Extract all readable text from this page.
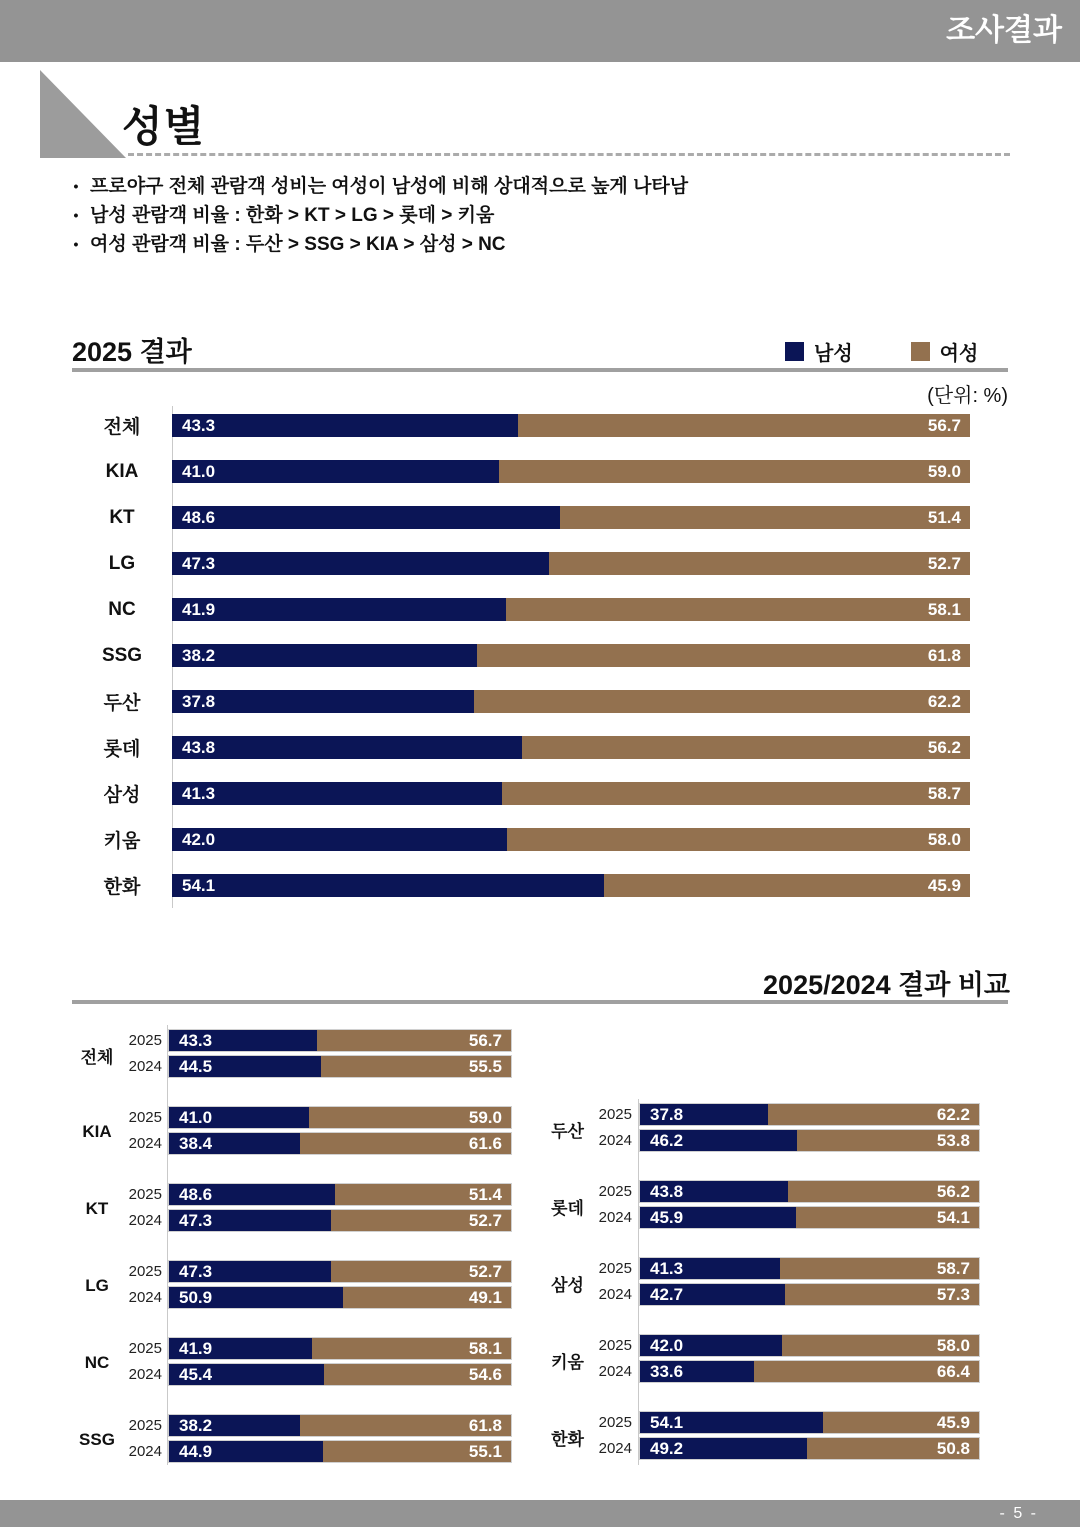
조사결과
성별
• 프로야구 전체 관람객 성비는 여성이 남성에 비해 상대적으로 높게 나타남
• 남성 관람객 비율 : 한화 > KT > LG > 롯데 > 키움
• 여성 관람객 비율 : 두산 > SSG > KIA > 삼성 > NC
2025 결과	남성	여성
(단위: %)
전체	43.3	56.7
KIA	41.0	59.0
KT	48.6	51.4
LG	47.3	52.7
NC	41.9	58.1
SSG	38.2	61.8
두산	37.8	62.2
롯데	43.8	56.2
삼성	41.3	58.7
키움	42.0	58.0
한화	54.1	45.9
2025/2024 결과 비교
전체
2025	43.3	56.7
2024	44.5	55.5
KIA
2025	41.0	59.0
2024	38.4	61.6
KT
2025	48.6	51.4
2024	47.3	52.7
LG
2025	47.3	52.7
2024	50.9	49.1
NC
2025	41.9	58.1
2024	45.4	54.6
SSG
2025	38.2	61.8
2024	44.9	55.1
두산
2025	37.8	62.2
2024	46.2	53.8
롯데
2025	43.8	56.2
2024	45.9	54.1
삼성
2025	41.3	58.7
2024	42.7	57.3
키움
2025	42.0	58.0
2024	33.6	66.4
한화
2025	54.1	45.9
2024	49.2	50.8
- 5 -
